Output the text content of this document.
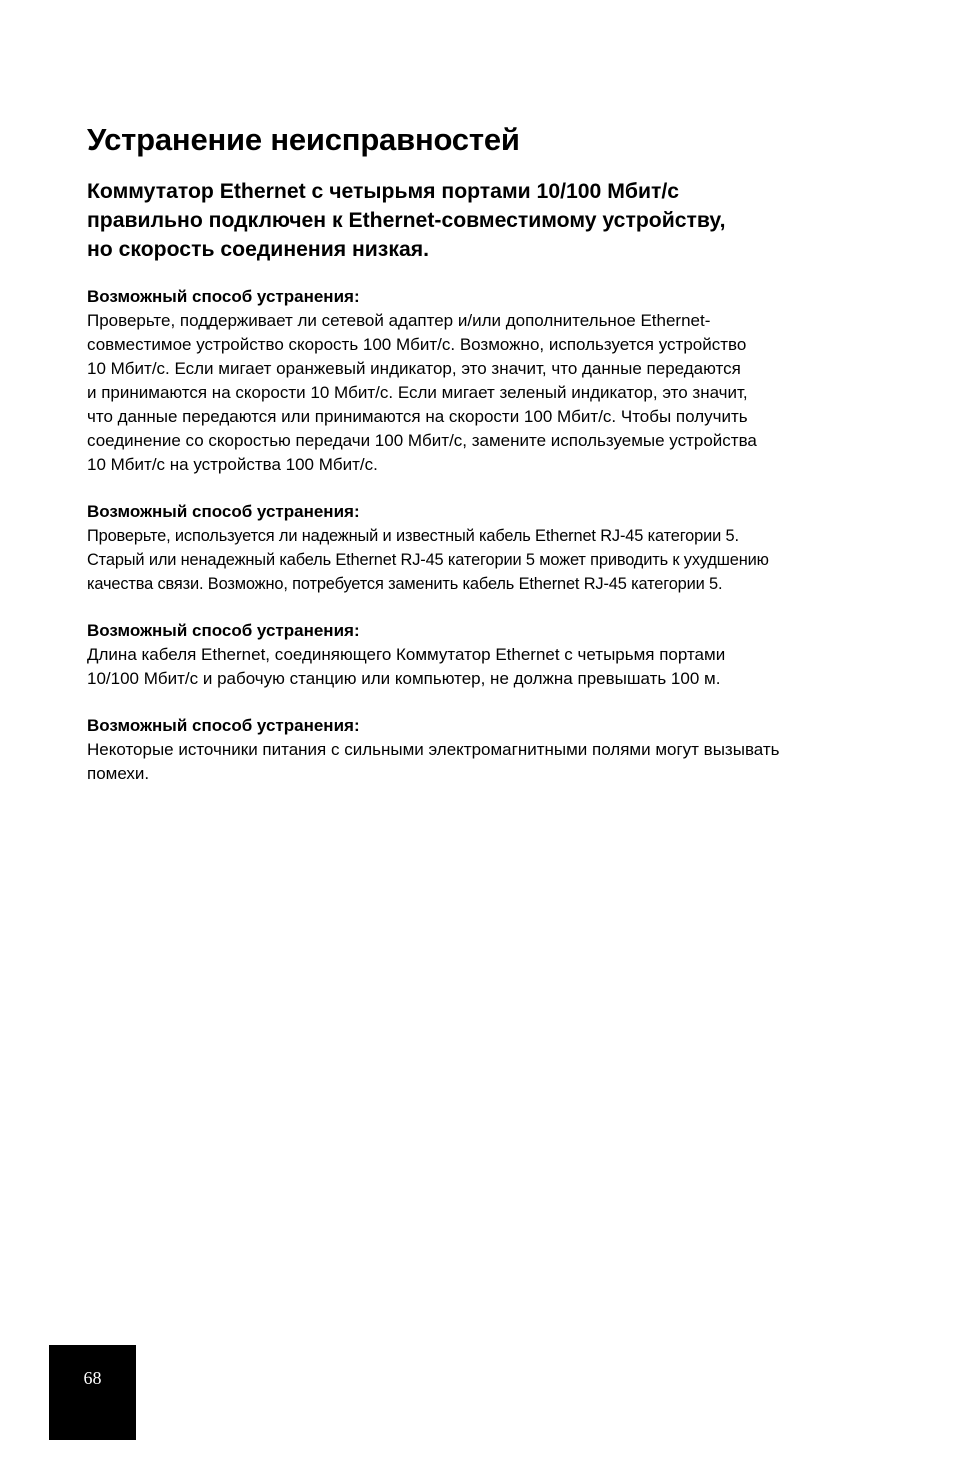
Устранение неисправностей
Коммутатор Ethernet с четырьмя портами 10/100 Мбит/с
правильно подключен к Ethernet-совместимому устройству,
но скорость соединения низкая.

Возможный способ устранения:

Проверьте, поддерживает ли сетевой адаптер и/или дополнительное Ethernet-
совместимое устройство скорость 100 Мбит/с. Возможно, используется устройство
10 Мбит/с. Если мигает оранжевый индикатор, это значит, что данные передаются
и принимаются на скорости 10 Мбит/с. Если мигает зеленый индикатор, это значит,
что данные передаются или принимаются на скорости 100 Мбит/с. Чтобы получить
соединение со скоростью передачи 100 Мбит/с, замените используемые устройства
10 Мбит/с на устройства 100 Мбит/с.

Возможный способ устранения:

Проверьте, используется ли надежный и известный кабель Ethernet RJ-45 категории 5.
Старый или ненадежный кабель Ethernet RJ-45 категории 5 может приводить к ухудшению
качества связи. Возможно, потребуется заменить кабель Ethernet RJ-45 категории 5.

Возможный способ устранения:

Длина кабеля Ethernet, соединяющего Коммутатор Ethernet с четырьмя портами
10/100 Мбит/с и рабочую станцию или компьютер, не должна превышать 100 м.

Возможный способ устранения:

Некоторые источники питания с сильными электромагнитными полями могут вызывать
помехи.

68
